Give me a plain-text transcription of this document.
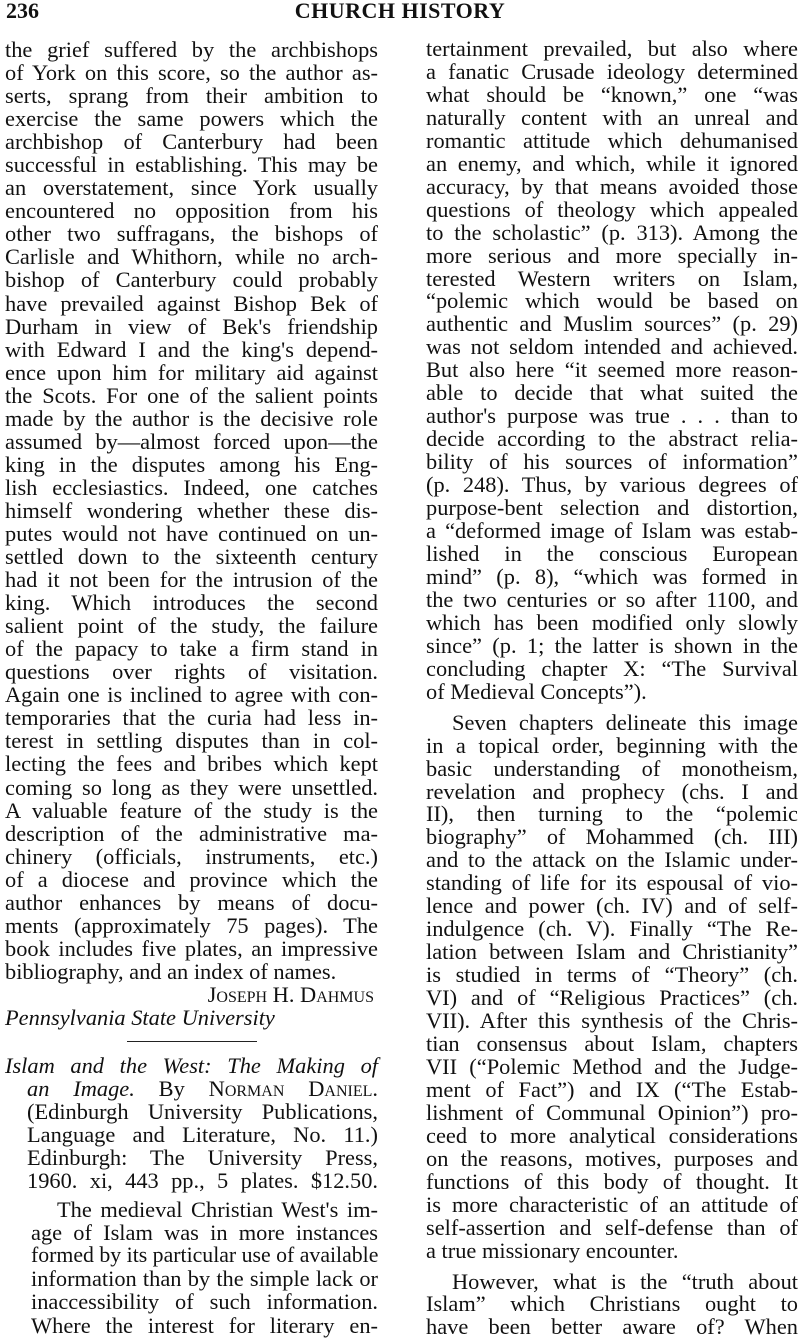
236	CHURCH HISTORY

the grief suffered by the archbishops
of York on this score, so the author as-
serts, sprang from their ambition to
exercise the same powers which the
archbishop of Canterbury had been
successful in establishing. This may be
an overstatement, since York usually
encountered no opposition from his
other two suffragans, the bishops of
Carlisle and Whithorn, while no arch-
bishop of Canterbury could probably
have prevailed against Bishop Bek of
Durham in view of Bek's friendship
with Edward I and the king's depend-
ence upon him for military aid against
the Scots. For one of the salient points
made by the author is the decisive role
assumed by—almost forced upon—the
king in the disputes among his Eng-
lish ecclesiastics. Indeed, one catches
himself wondering whether these dis-
putes would not have continued on un-
settled down to the sixteenth century
had it not been for the intrusion of the
king. Which introduces the second
salient point of the study, the failure
of the papacy to take a firm stand in
questions over rights of visitation.
Again one is inclined to agree with con-
temporaries that the curia had less in-
terest in settling disputes than in col-
lecting the fees and bribes which kept
coming so long as they were unsettled.
A valuable feature of the study is the
description of the administrative ma-
chinery (officials, instruments, etc.)
of a diocese and province which the
author enhances by means of docu-
ments (approximately 75 pages). The
book includes five plates, an impressive
bibliography, and an index of names.

Joseph H. Dahmus
Pennsylvania State University
Islam and the West: The Making of
an Image. By Norman Daniel.
(Edinburgh University Publications,
Language and Literature, No. 11.)
Edinburgh: The University Press,
1960. xi, 443 pp., 5 plates. $12.50.

The medieval Christian West's im-
age of Islam was in more instances
formed by its particular use of available
information than by the simple lack or
inaccessibility of such information.
Where the interest for literary en-

tertainment prevailed, but also where
a fanatic Crusade ideology determined
what should be “known,” one “was
naturally content with an unreal and
romantic attitude which dehumanised
an enemy, and which, while it ignored
accuracy, by that means avoided those
questions of theology which appealed
to the scholastic” (p. 313). Among the
more serious and more specially in-
terested Western writers on Islam,
“polemic which would be based on
authentic and Muslim sources” (p. 29)
was not seldom intended and achieved.
But also here “it seemed more reason-
able to decide that what suited the
author's purpose was true . . . than to
decide according to the abstract relia-
bility of his sources of information”
(p. 248). Thus, by various degrees of
purpose-bent selection and distortion,
a “deformed image of Islam was estab-
lished in the conscious European
mind” (p. 8), “which was formed in
the two centuries or so after 1100, and
which has been modified only slowly
since” (p. 1; the latter is shown in the
concluding chapter X: “The Survival
of Medieval Concepts”).

Seven chapters delineate this image
in a topical order, beginning with the
basic understanding of monotheism,
revelation and prophecy (chs. I and
II), then turning to the “polemic
biography” of Mohammed (ch. III)
and to the attack on the Islamic under-
standing of life for its espousal of vio-
lence and power (ch. IV) and of self-
indulgence (ch. V). Finally “The Re-
lation between Islam and Christianity”
is studied in terms of “Theory” (ch.
VI) and of “Religious Practices” (ch.
VII). After this synthesis of the Chris-
tian consensus about Islam, chapters
VII (“Polemic Method and the Judge-
ment of Fact”) and IX (“The Estab-
lishment of Communal Opinion”) pro-
ceed to more analytical considerations
on the reasons, motives, purposes and
functions of this body of thought. It
is more characteristic of an attitude of
self-assertion and self-defense than of
a true missionary encounter.

However, what is the “truth about
Islam” which Christians ought to
have been better aware of? When
